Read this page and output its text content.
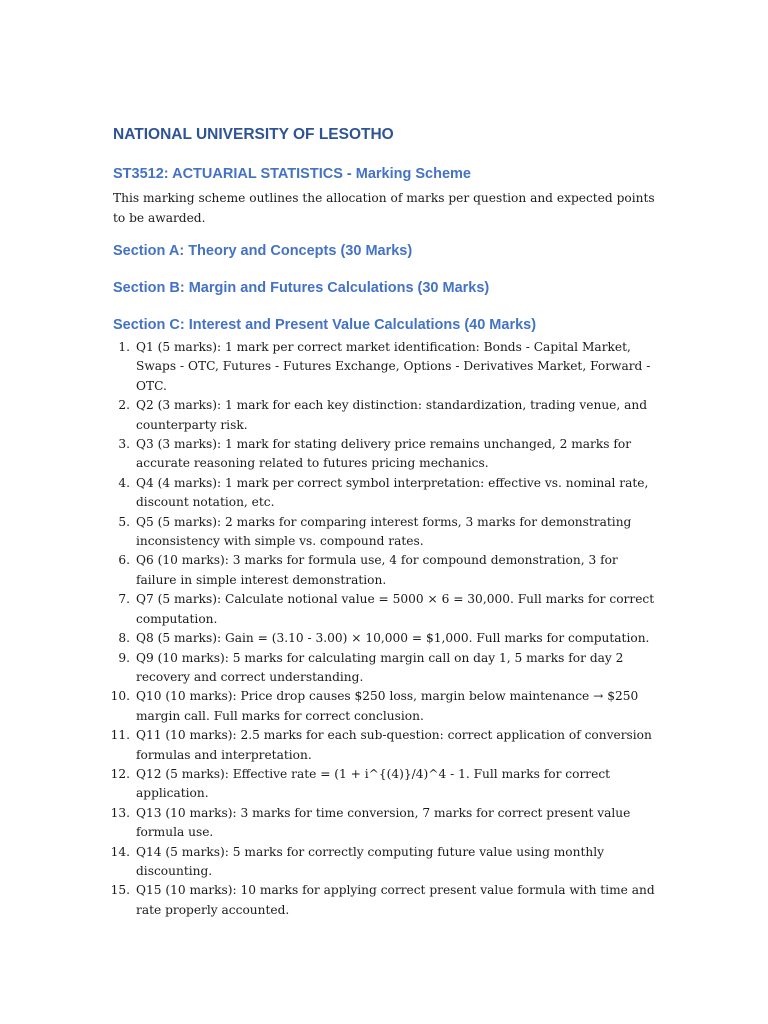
NATIONAL UNIVERSITY OF LESOTHO
ST3512: ACTUARIAL STATISTICS - Marking Scheme

This marking scheme outlines the allocation of marks per question and expected points to be awarded.

Section A: Theory and Concepts (30 Marks)
Section B: Margin and Futures Calculations (30 Marks)
Section C: Interest and Present Value Calculations (40 Marks)
1. Q1 (5 marks): 1 mark per correct market identification: Bonds - Capital Market, Swaps - OTC, Futures - Futures Exchange, Options - Derivatives Market, Forward - OTC.
2. Q2 (3 marks): 1 mark for each key distinction: standardization, trading venue, and counterparty risk.
3. Q3 (3 marks): 1 mark for stating delivery price remains unchanged, 2 marks for accurate reasoning related to futures pricing mechanics.
4. Q4 (4 marks): 1 mark per correct symbol interpretation: effective vs. nominal rate, discount notation, etc.
5. Q5 (5 marks): 2 marks for comparing interest forms, 3 marks for demonstrating inconsistency with simple vs. compound rates.
6. Q6 (10 marks): 3 marks for formula use, 4 for compound demonstration, 3 for failure in simple interest demonstration.
7. Q7 (5 marks): Calculate notional value = 5000 × 6 = 30,000. Full marks for correct computation.
8. Q8 (5 marks): Gain = (3.10 - 3.00) × 10,000 = $1,000. Full marks for computation.
9. Q9 (10 marks): 5 marks for calculating margin call on day 1, 5 marks for day 2 recovery and correct understanding.
10. Q10 (10 marks): Price drop causes $250 loss, margin below maintenance → $250 margin call. Full marks for correct conclusion.
11. Q11 (10 marks): 2.5 marks for each sub-question: correct application of conversion formulas and interpretation.
12. Q12 (5 marks): Effective rate = (1 + i^{(4)}/4)^4 - 1. Full marks for correct application.
13. Q13 (10 marks): 3 marks for time conversion, 7 marks for correct present value formula use.
14. Q14 (5 marks): 5 marks for correctly computing future value using monthly discounting.
15. Q15 (10 marks): 10 marks for applying correct present value formula with time and rate properly accounted.
